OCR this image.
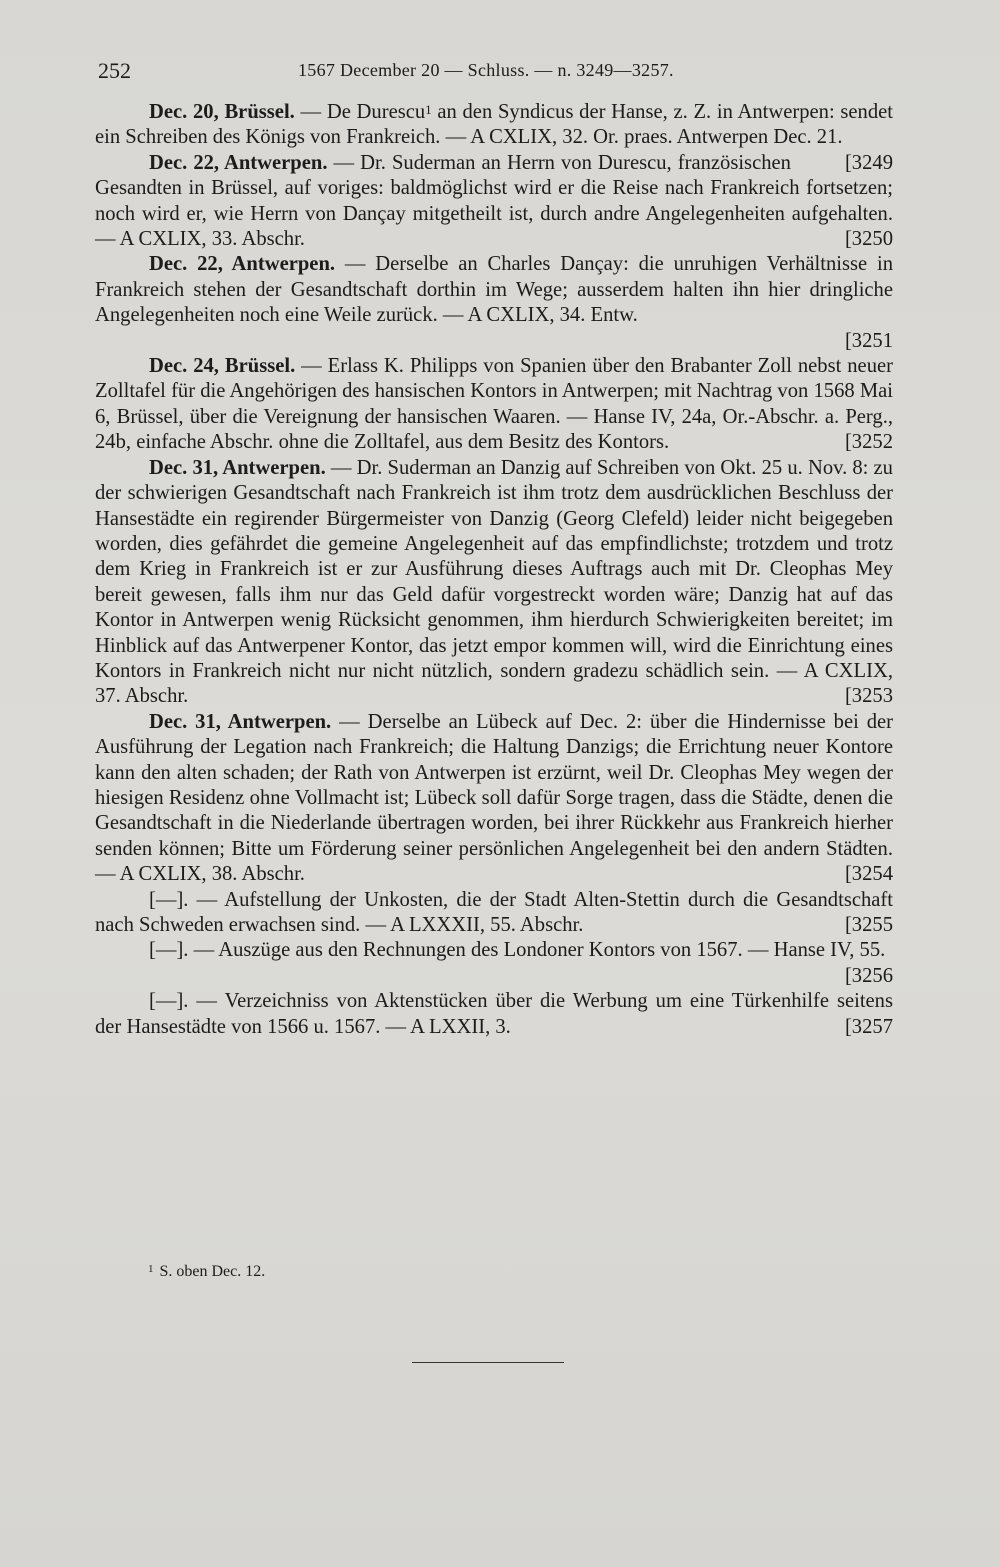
252	1567 December 20 — Schluss. — n. 3249—3257.

Dec. 20, Brüssel. — De Durescu$^1$ an den Syndicus der Hanse, z. Z. in Antwerpen: sendet ein Schreiben des Königs von Frankreich. — A CXLIX, 32. Or. praes. Antwerpen Dec. 21.
[3249

Dec. 22, Antwerpen. — Dr. Suderman an Herrn von Durescu, französischen Gesandten in Brüssel, auf voriges: baldmöglichst wird er die Reise nach Frankreich fortsetzen; noch wird er, wie Herrn von Dançay mitgetheilt ist, durch andre Angelegenheiten aufgehalten. — A CXLIX, 33. Abschr.	[3250

Dec. 22, Antwerpen. — Derselbe an Charles Dançay: die unruhigen Verhältnisse in Frankreich stehen der Gesandtschaft dorthin im Wege; ausserdem halten ihn hier dringliche Angelegenheiten noch eine Weile zurück. — A CXLIX, 34. Entw.
[3251

Dec. 24, Brüssel. — Erlass K. Philipps von Spanien über den Brabanter Zoll nebst neuer Zolltafel für die Angehörigen des hansischen Kontors in Antwerpen; mit Nachtrag von 1568 Mai 6, Brüssel, über die Vereignung der hansischen Waaren. — Hanse IV, 24a, Or.-Abschr. a. Perg., 24b, einfache Abschr. ohne die Zolltafel, aus dem Besitz des Kontors.	[3252

Dec. 31, Antwerpen. — Dr. Suderman an Danzig auf Schreiben von Okt. 25 u. Nov. 8: zu der schwierigen Gesandtschaft nach Frankreich ist ihm trotz dem ausdrücklichen Beschluss der Hansestädte ein regirender Bürgermeister von Danzig (Georg Clefeld) leider nicht beigegeben worden, dies gefährdet die gemeine Angelegenheit auf das empfindlichste; trotzdem und trotz dem Krieg in Frankreich ist er zur Ausführung dieses Auftrags auch mit Dr. Cleophas Mey bereit gewesen, falls ihm nur das Geld dafür vorgestreckt worden wäre; Danzig hat auf das Kontor in Antwerpen wenig Rücksicht genommen, ihm hierdurch Schwierigkeiten bereitet; im Hinblick auf das Antwerpener Kontor, das jetzt empor kommen will, wird die Einrichtung eines Kontors in Frankreich nicht nur nicht nützlich, sondern gradezu schädlich sein. — A CXLIX, 37. Abschr.	[3253

Dec. 31, Antwerpen. — Derselbe an Lübeck auf Dec. 2: über die Hindernisse bei der Ausführung der Legation nach Frankreich; die Haltung Danzigs; die Errichtung neuer Kontore kann den alten schaden; der Rath von Antwerpen ist erzürnt, weil Dr. Cleophas Mey wegen der hiesigen Residenz ohne Vollmacht ist; Lübeck soll dafür Sorge tragen, dass die Städte, denen die Gesandtschaft in die Niederlande übertragen worden, bei ihrer Rückkehr aus Frankreich hierher senden können; Bitte um Förderung seiner persönlichen Angelegenheit bei den andern Städten. — A CXLIX, 38. Abschr.	[3254

[—]. — Aufstellung der Unkosten, die der Stadt Alten-Stettin durch die Gesandtschaft nach Schweden erwachsen sind. — A LXXXII, 55. Abschr.	[3255

[—]. — Auszüge aus den Rechnungen des Londoner Kontors von 1567. — Hanse IV, 55.
[3256

[—]. — Verzeichniss von Aktenstücken über die Werbung um eine Türkenhilfe seitens der Hansestädte von 1566 u. 1567. — A LXXII, 3.	[3257

$^1$ S. oben Dec. 12.
